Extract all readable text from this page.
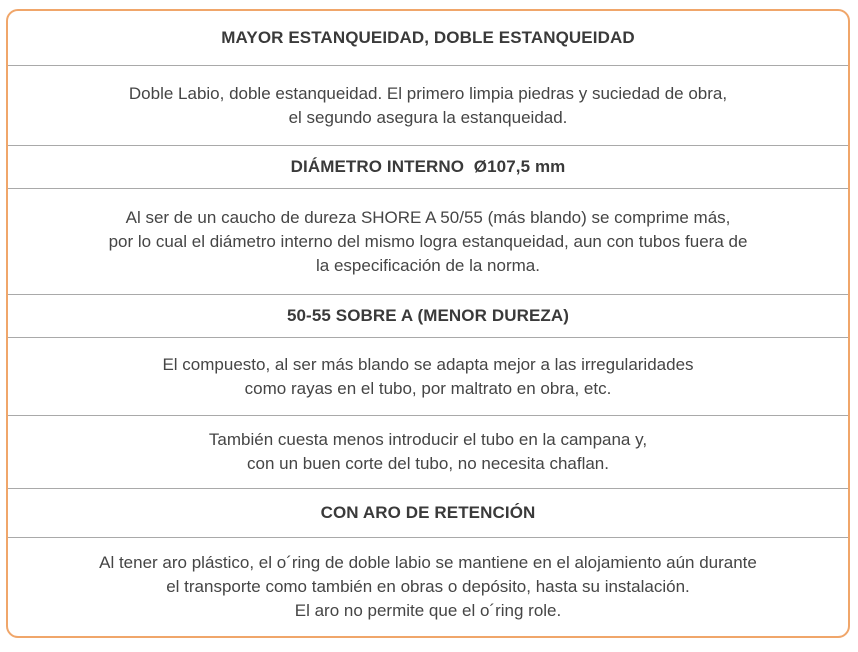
MAYOR ESTANQUEIDAD, DOBLE ESTANQUEIDAD
Doble Labio, doble estanqueidad. El primero limpia piedras y suciedad de obra,
el segundo asegura la estanqueidad.
DIÁMETRO INTERNO  Ø107,5 mm
Al ser de un caucho de dureza SHORE A 50/55 (más blando) se comprime más,
por lo cual el diámetro interno del mismo logra estanqueidad, aun con tubos fuera de
la especificación de la norma.
50-55 SOBRE A (MENOR DUREZA)
El compuesto, al ser más blando se adapta mejor a las irregularidades
como rayas en el tubo, por maltrato en obra, etc.
También cuesta menos introducir el tubo en la campana y,
con un buen corte del tubo, no necesita chaflan.
CON ARO DE RETENCIÓN
Al tener aro plástico, el o´ring de doble labio se mantiene en el alojamiento aún durante
el transporte como también en obras o depósito, hasta su instalación.
El aro no permite que el o´ring role.
